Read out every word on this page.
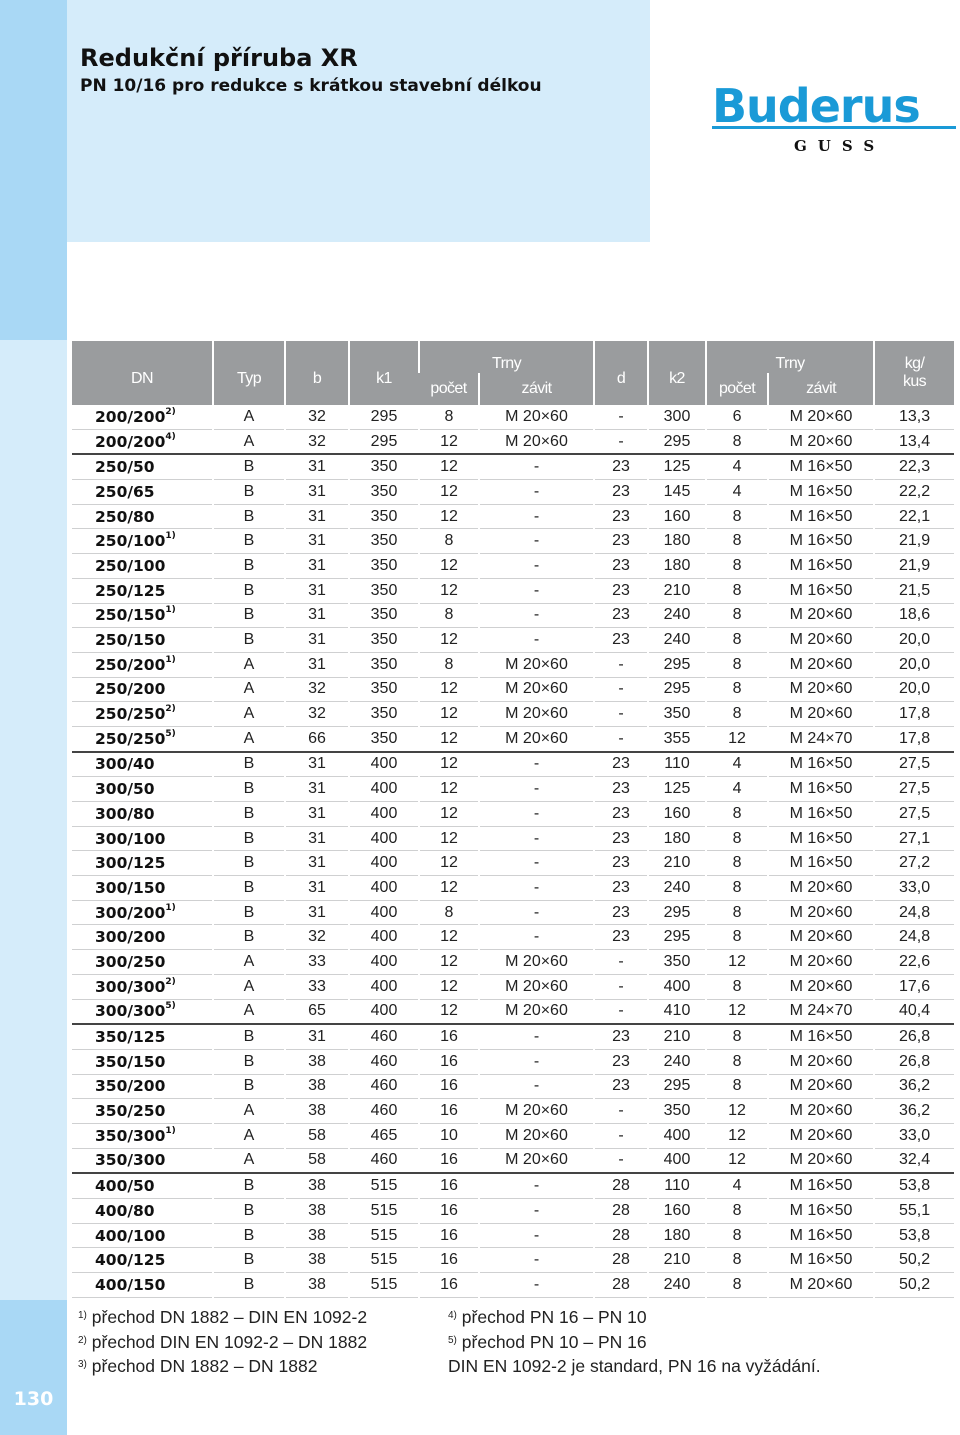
Redukční příruba XR
PN 10/16 pro redukce s krátkou stavební délkou	Buderus
GUSS
DN	Typ	b	k1	Trny		d	k2	Trny		kg/
				počet	závit			počet	závit	kus
200/200$^{2)}$	A	32	295	8	M 20×60	-	300	6	M 20×60	13,3
200/200$^{4)}$	A	32	295	12	M 20×60	-	295	8	M 20×60	13,4
250/50	B	31	350	12	-	23	125	4	M 16×50	22,3
250/65	B	31	350	12	-	23	145	4	M 16×50	22,2
250/80	B	31	350	12	-	23	160	8	M 16×50	22,1
250/100$^{1)}$	B	31	350	8	-	23	180	8	M 16×50	21,9
250/100	B	31	350	12	-	23	180	8	M 16×50	21,9
250/125	B	31	350	12	-	23	210	8	M 16×50	21,5
250/150$^{1)}$	B	31	350	8	-	23	240	8	M 20×60	18,6
250/150	B	31	350	12	-	23	240	8	M 20×60	20,0
250/200$^{1)}$	A	31	350	8	M 20×60	-	295	8	M 20×60	20,0
250/200	A	32	350	12	M 20×60	-	295	8	M 20×60	20,0
250/250$^{2)}$	A	32	350	12	M 20×60	-	350	8	M 20×60	17,8
250/250$^{5)}$	A	66	350	12	M 20×60	-	355	12	M 24×70	17,8
300/40	B	31	400	12	-	23	110	4	M 16×50	27,5
300/50	B	31	400	12	-	23	125	4	M 16×50	27,5
300/80	B	31	400	12	-	23	160	8	M 16×50	27,5
300/100	B	31	400	12	-	23	180	8	M 16×50	27,1
300/125	B	31	400	12	-	23	210	8	M 16×50	27,2
300/150	B	31	400	12	-	23	240	8	M 20×60	33,0
300/200$^{1)}$	B	31	400	8	-	23	295	8	M 20×60	24,8
300/200	B	32	400	12	-	23	295	8	M 20×60	24,8
300/250	A	33	400	12	M 20×60	-	350	12	M 20×60	22,6
300/300$^{2)}$	A	33	400	12	M 20×60	-	400	8	M 20×60	17,6
300/300$^{5)}$	A	65	400	12	M 20×60	-	410	12	M 24×70	40,4
350/125	B	31	460	16	-	23	210	8	M 16×50	26,8
350/150	B	38	460	16	-	23	240	8	M 20×60	26,8
350/200	B	38	460	16	-	23	295	8	M 20×60	36,2
350/250	A	38	460	16	M 20×60	-	350	12	M 20×60	36,2
350/300$^{1)}$	A	58	465	10	M 20×60	-	400	12	M 20×60	33,0
350/300	A	58	460	16	M 20×60	-	400	12	M 20×60	32,4
400/50	B	38	515	16	-	28	110	4	M 16×50	53,8
400/80	B	38	515	16	-	28	160	8	M 16×50	55,1
400/100	B	38	515	16	-	28	180	8	M 16×50	53,8
400/125	B	38	515	16	-	28	210	8	M 16×50	50,2
400/150	B	38	515	16	-	28	240	8	M 20×60	50,2
$^{1)}$ přechod DN 1882 – DIN EN 1092-2
$^{2)}$ přechod DIN EN 1092-2 – DN 1882
$^{3)}$ přechod DN 1882 – DN 1882
$^{4)}$ přechod PN 16 – PN 10
$^{5)}$ přechod PN 10 – PN 16
DIN EN 1092-2 je standard, PN 16 na vyžádání.
130
